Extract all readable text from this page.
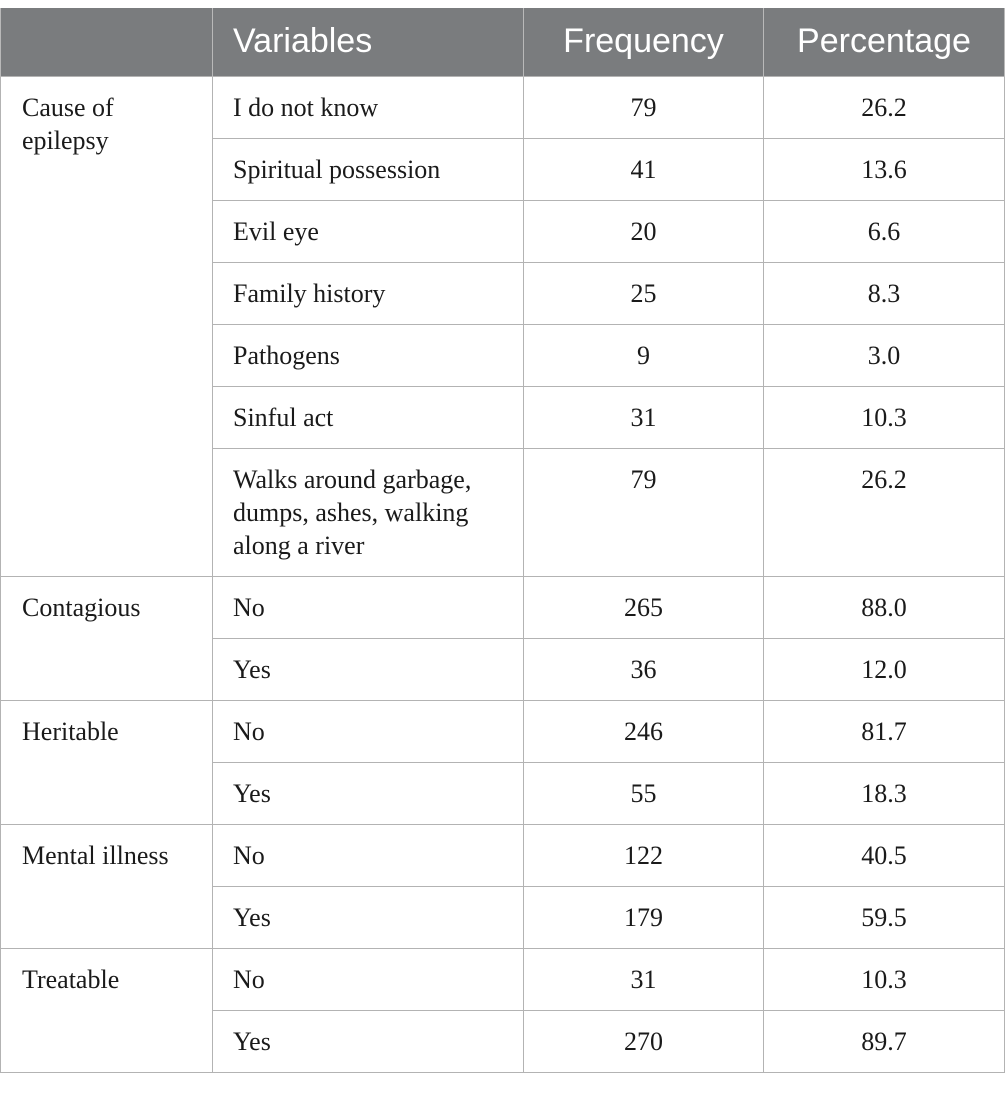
	Variables	Frequency	Percentage
Cause of epilepsy	I do not know	79	26.2
	Spiritual possession	41	13.6
	Evil eye	20	6.6
	Family history	25	8.3
	Pathogens	9	3.0
	Sinful act	31	10.3
	Walks around garbage, dumps, ashes, walking along a river	79	26.2
Contagious	No	265	88.0
	Yes	36	12.0
Heritable	No	246	81.7
	Yes	55	18.3
Mental illness	No	122	40.5
	Yes	179	59.5
Treatable	No	31	10.3
	Yes	270	89.7
